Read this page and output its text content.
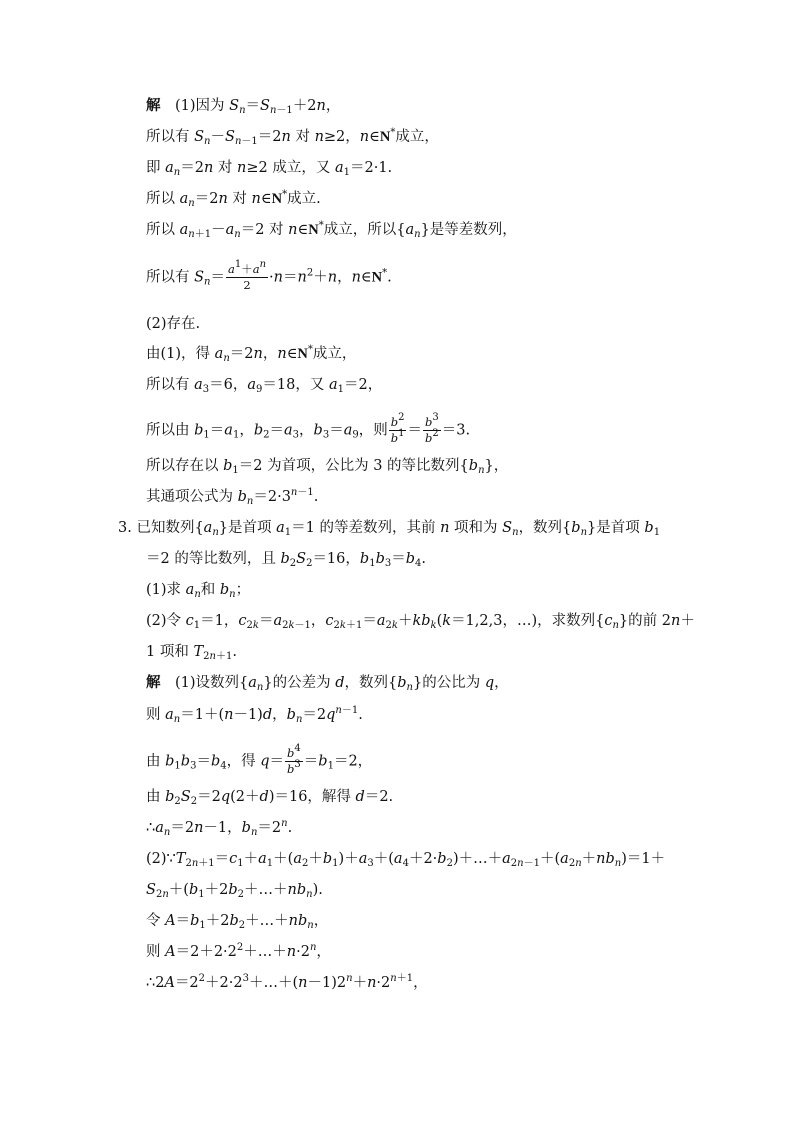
解　(1)因为 $S_n=S_{n-1}+2n$，
所以有 $S_n-S_{n-1}=2n$ 对 n≥2，n∈N*成立，
即 $a_n=2n$ 对 n≥2 成立，又 $a_1=2\cdot 1$.
所以 $a_n=2n$ 对 n∈N*成立.
所以 $a_{n+1}-a_n=2$ 对 n∈N*成立，所以$\{a_n\}$是等差数列，
所以有 $S_n= \frac{a^1+a^n}{2} \cdot n=n^2+n$，n∈N*.
(2)存在.
由(1)，得 $a_n=2n$，n∈N*成立，
所以有 $a_3=6$，$a_9=18$，又 $a_1=2$，
所以由 $b_1=a_1$，$b_2=a_3$，$b_3=a_9$，则 $\frac{b^2}{b^1} = \frac{b^3}{b^2} =3$.
所以存在以 $b_1=2$ 为首项，公比为 3 的等比数列$\{b_n\}$，
其通项公式为 $b_n=2\cdot 3^{n-1}$.
3. 已知数列$\{a_n\}$是首项 $a_1=1$ 的等差数列，其前 n 项和为 $S_n$，数列$\{b_n\}$是首项 $b_1$
＝2 的等比数列，且 $b_2S_2=16$，$b_1b_3=b_4$.
(1)求 $a_n$和 $b_n$；
(2)令 $c_1=1$，$c_{2k}=a_{2k-1}$，$c_{2k+1}=a_{2k}+kb_k(k=1,2,3$，…)，求数列$\{c_n\}$的前 2n＋
1 项和 $T_{2n+1}$.
解　(1)设数列$\{a_n\}$的公差为 d，数列$\{b_n\}$的公比为 q，
则 $a_n=1+(n-1)d$，$b_n=2q^{n-1}$.
由 $b_1b_3=b_4$，得 $q= \frac{b^4}{b^3} =b_1=2$，
由 $b_2S_2=2q(2+d)=16$，解得 d＝2.
$\therefore a_n=2n-1$，$b_n=2^n$.
$(2)\because T_{2n+1}=c_1+a_1+(a_2+b_1)+a_3+(a_4+2\cdot b_2)+\dots+a_{2n-1}+(a_{2n}+nb_n)=1+$
$S_{2n}+(b_1+2b_2+\dots+nb_n)$.
令 $A=b_1+2b_2+\dots+nb_n$，
则 $A=2+2\cdot 2^2+\dots+n\cdot 2^n$，
$\therefore 2A=2^2+2\cdot 2^3+\dots+(n-1)2^n+n\cdot 2^{n+1}$，
